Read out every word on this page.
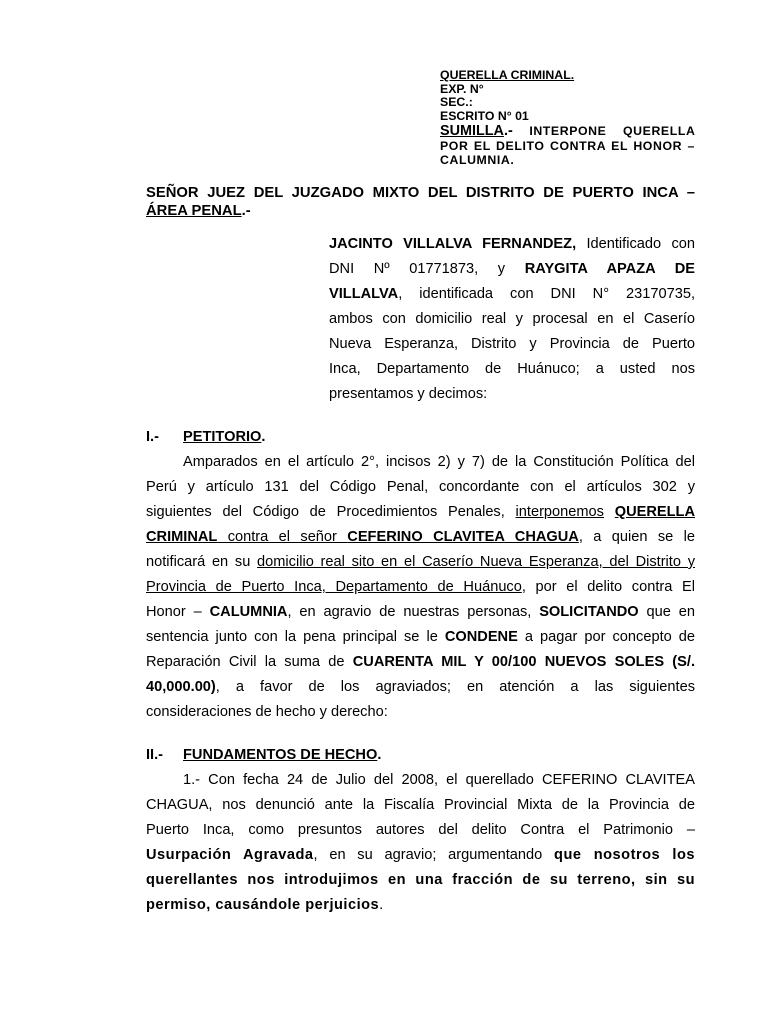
QUERELLA CRIMINAL.
EXP. N°
SEC.:
ESCRITO N° 01
SUMILLA.- INTERPONE QUERELLA POR EL DELITO CONTRA EL HONOR – CALUMNIA.
SEÑOR JUEZ DEL JUZGADO MIXTO DEL DISTRITO DE PUERTO INCA –
ÁREA PENAL.-
JACINTO VILLALVA FERNANDEZ, Identificado con
DNI Nº 01771873, y RAYGITA APAZA DE
VILLALVA, identificada con DNI N° 23170735,
ambos con domicilio real y procesal en el Caserío
Nueva Esperanza, Distrito y Provincia de Puerto
Inca, Departamento de Huánuco; a usted nos
presentamos y decimos:
I.- PETITORIO.
Amparados en el artículo 2°, incisos 2) y 7) de la Constitución Política del
Perú y artículo 131 del Código Penal, concordante con el artículos 302 y
siguientes del Código de Procedimientos Penales, interponemos QUERELLA
CRIMINAL contra el señor CEFERINO CLAVITEA CHAGUA, a quien se le
notificará en su domicilio real sito en el Caserío Nueva Esperanza, del Distrito y
Provincia de Puerto Inca, Departamento de Huánuco, por el delito contra El
Honor – CALUMNIA, en agravio de nuestras personas, SOLICITANDO que en
sentencia junto con la pena principal se le CONDENE a pagar por concepto de
Reparación Civil la suma de CUARENTA MIL Y 00/100 NUEVOS SOLES (S/.
40,000.00), a favor de los agraviados; en atención a las siguientes
consideraciones de hecho y derecho:
II.- FUNDAMENTOS DE HECHO.
1.- Con fecha 24 de Julio del 2008, el querellado CEFERINO CLAVITEA
CHAGUA, nos denunció ante la Fiscalía Provincial Mixta de la Provincia de
Puerto Inca, como presuntos autores del delito Contra el Patrimonio –
Usurpación Agravada, en su agravio; argumentando que nosotros los
querellantes nos introdujimos en una fracción de su terreno, sin su
permiso, causándole perjuicios.
